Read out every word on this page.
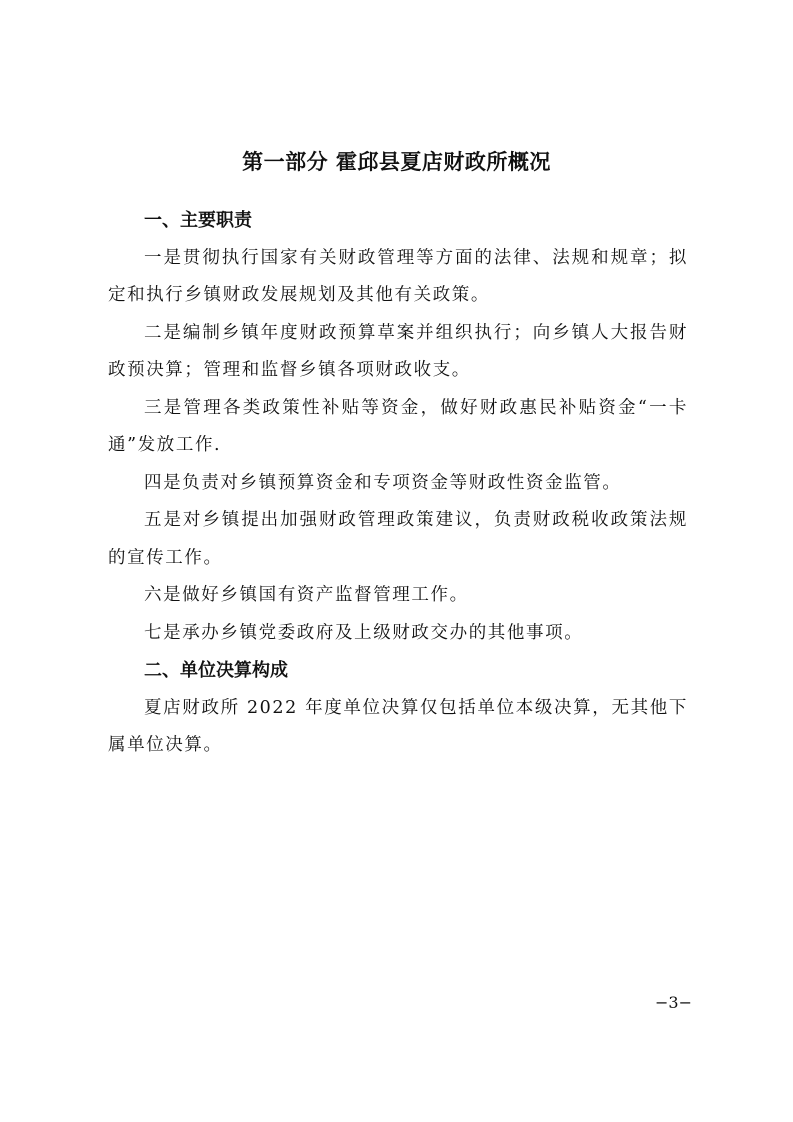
第一部分 霍邱县夏店财政所概况

一、主要职责

一是贯彻执行国家有关财政管理等方面的法律、法规和规章；拟定和执行乡镇财政发展规划及其他有关政策。

二是编制乡镇年度财政预算草案并组织执行；向乡镇人大报告财政预决算；管理和监督乡镇各项财政收支。

三是管理各类政策性补贴等资金，做好财政惠民补贴资金“一卡通”发放工作.

四是负责对乡镇预算资金和专项资金等财政性资金监管。

五是对乡镇提出加强财政管理政策建议，负责财政税收政策法规的宣传工作。

六是做好乡镇国有资产监督管理工作。

七是承办乡镇党委政府及上级财政交办的其他事项。

二、单位决算构成

夏店财政所 2022 年度单位决算仅包括单位本级决算，无其他下属单位决算。

−3−
